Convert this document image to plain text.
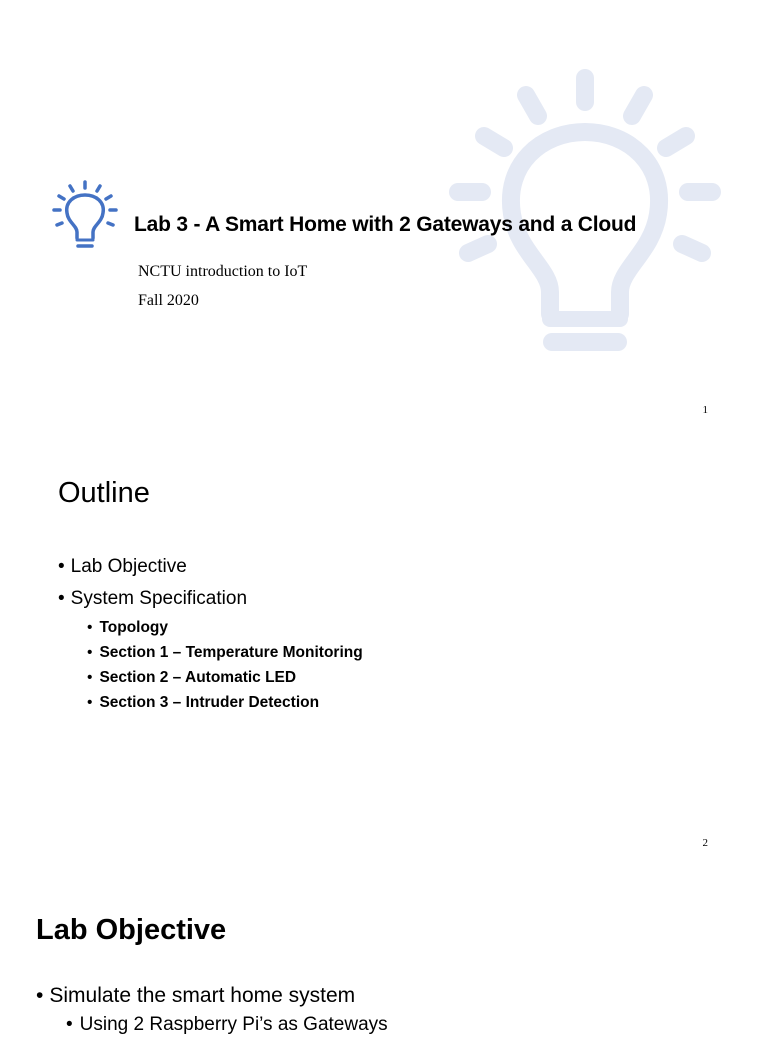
Lab 3 - A Smart Home with 2 Gateways and a Cloud
NCTU introduction to IoT
Fall 2020
1
Outline
• Lab Objective
• System Specification
• Topology
• Section 1 – Temperature Monitoring
• Section 2 – Automatic LED
• Section 3 – Intruder Detection
2
Lab Objective
• Simulate the smart home system
• Using 2 Raspberry Pi’s as Gateways
